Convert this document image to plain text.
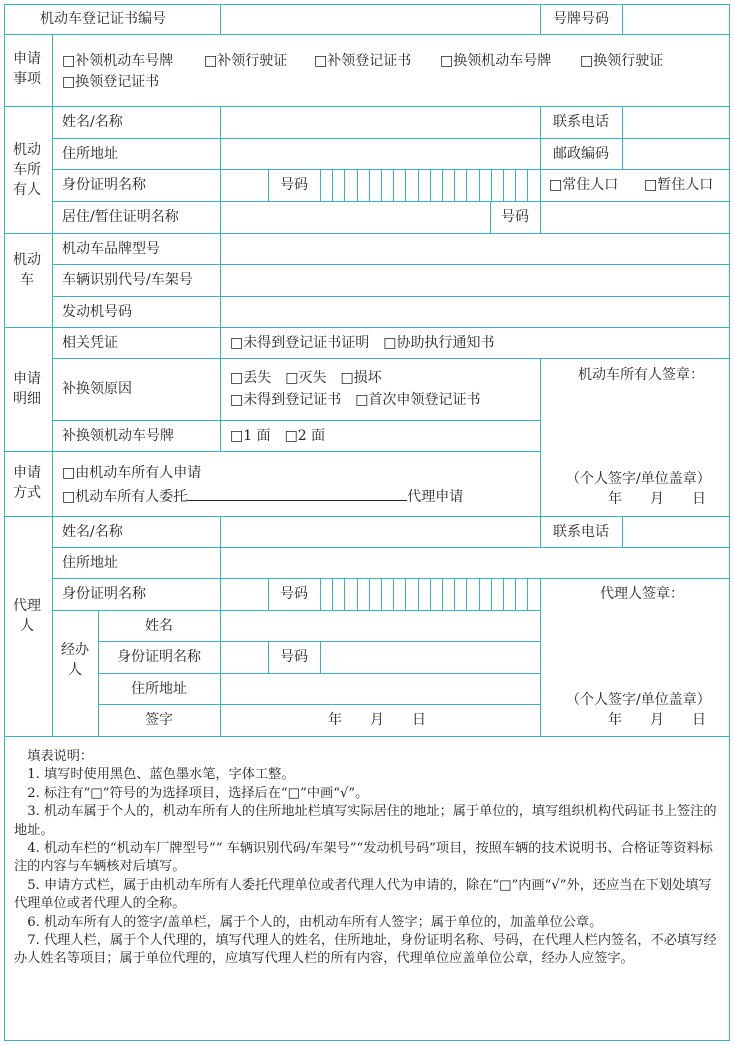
机动车登记证书编号	号牌号码
申请事项
□补领机动车号牌 □补领行驶证 □补领登记证书 □换领机动车号牌 □换领行驶证
□换领登记证书
机动车所有人
姓名/名称	联系电话
住所地址	邮政编码
身份证明名称	号码	□常住人口 □暂住人口
居住/暂住证明名称	号码
机动车
机动车品牌型号
车辆识别代号/车架号
发动机号码
申请明细
相关凭证	□未得到登记证书证明　□协助执行通知书
补换领原因
□丢失　□灭失　□损坏
□未得到登记证书　□首次申领登记证书
补换领机动车号牌	□1 面　□2 面
机动车所有人签章：
（个人签字/单位盖章）
年　　月　　日
申请方式
□由机动车所有人申请
□机动车所有人委托	代理申请
代理人
姓名/名称	联系电话
住所地址
身份证明名称	号码	代理人签章：
（个人签字/单位盖章）
年　　月　　日
经办人
姓名
身份证明名称	号码
住所地址
签字	年　　月　　日
填表说明：
1. 填写时使用黑色、蓝色墨水笔，字体工整。
2. 标注有“□”符号的为选择项目，选择后在“□”中画“√”。
3. 机动车属于个人的，机动车所有人的住所地址栏填写实际居住的地址；属于单位的，填写组织机构代码证书上签注的地址。
4. 机动车栏的“机动车厂牌型号”“ 车辆识别代码/车架号”“发动机号码”项目，按照车辆的技术说明书、合格证等资料标注的内容与车辆核对后填写。
5. 申请方式栏，属于由机动车所有人委托代理单位或者代理人代为申请的，除在“□”内画“√”外，还应当在下划处填写代理单位或者代理人的全称。
6. 机动车所有人的签字/盖单栏，属于个人的，由机动车所有人签字；属于单位的，加盖单位公章。
7. 代理人栏，属于个人代理的，填写代理人的姓名，住所地址，身份证明名称、号码，在代理人栏内签名，不必填写经办人姓名等项目；属于单位代理的，应填写代理人栏的所有内容，代理单位应盖单位公章，经办人应签字。
